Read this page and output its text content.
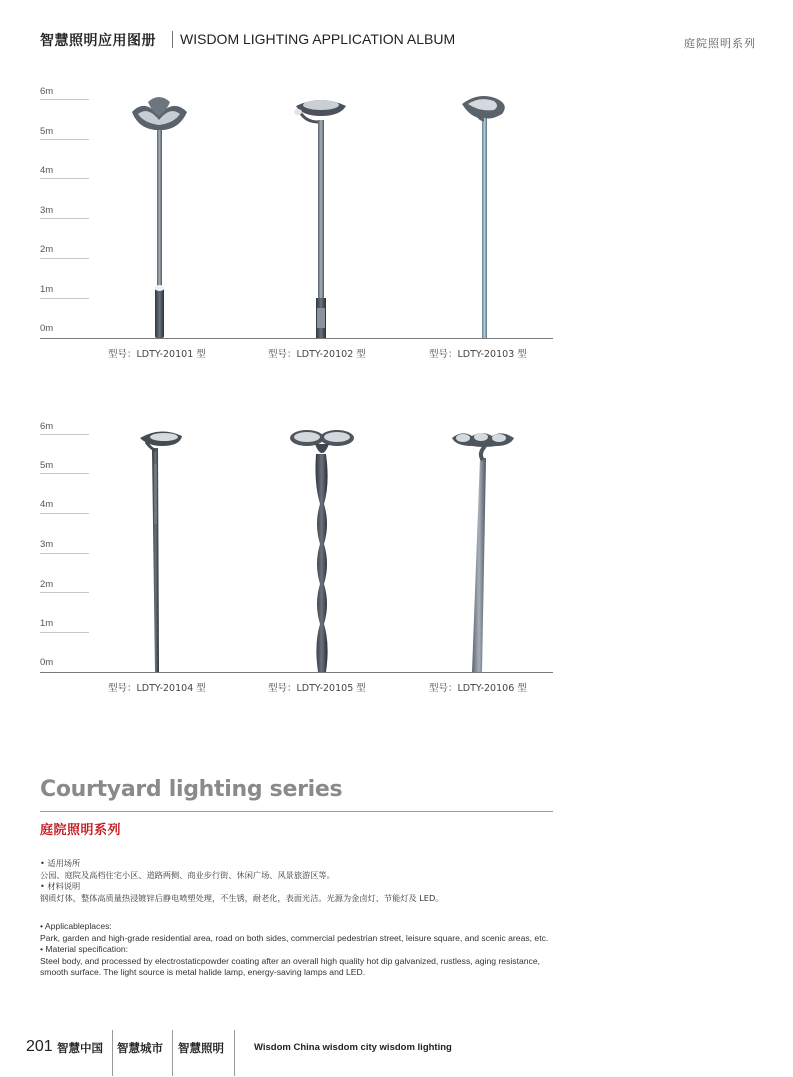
智慧照明应用图册 WISDOM LIGHTING APPLICATION ALBUM	庭院照明系列
6m
5m
4m
3m
2m
1m
0m
型号：LDTY-20101 型	型号：LDTY-20102 型	型号：LDTY-20103 型
6m
5m
4m
3m
2m
1m
0m
型号：LDTY-20104 型	型号：LDTY-20105 型	型号：LDTY-20106 型
Courtyard lighting series
庭院照明系列

• 适用场所

公园、庭院及高档住宅小区、道路两侧、商业步行街、休闲广场、风景旅游区等。

• 材料说明

钢质灯体，整体高质量热浸镀锌后静电喷塑处理，不生锈，耐老化，表面光洁。光源为金卤灯、节能灯及 LED。

• Applicableplaces:

Park, garden and high-grade residential area, road on both sides, commercial pedestrian street, leisure square, and scenic areas, etc.

• Material specification:

Steel body, and processed by electrostaticpowder coating after an overall high quality hot dip galvanized, rustless, aging resistance, smooth surface. The light source is metal halide lamp, energy-saving lamps and LED.

201 智慧中国 智慧城市 智慧照明	Wisdom China wisdom city wisdom lighting
